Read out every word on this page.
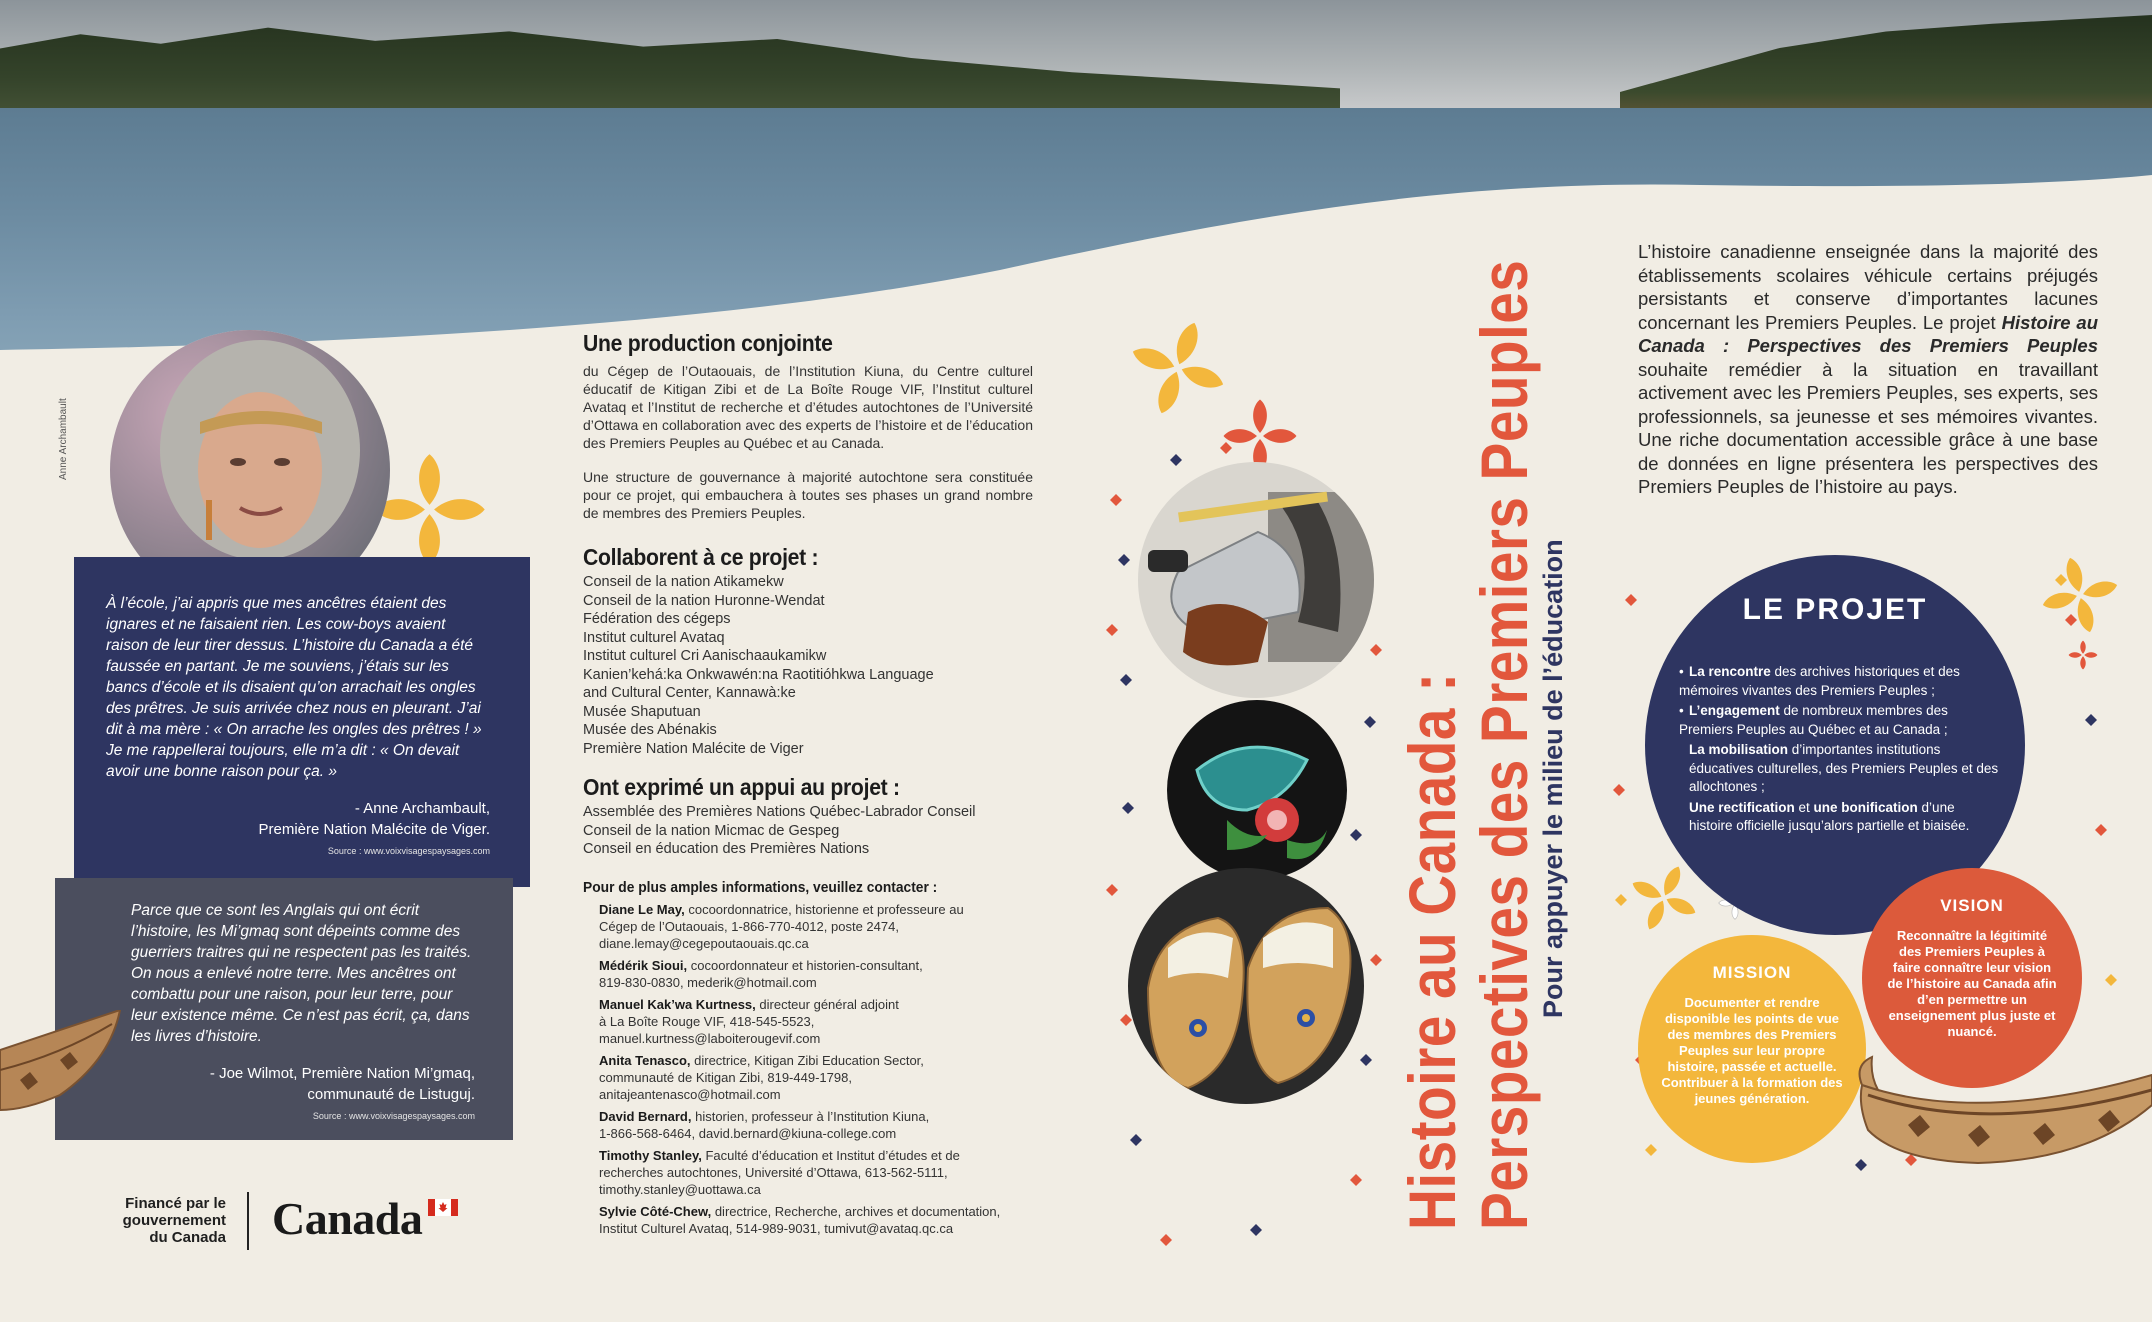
Anne Archambault

À l’école, j’ai appris que mes ancêtres étaient des ignares et ne faisaient rien. Les cow-boys avaient raison de leur tirer dessus. L’histoire du Canada a été faussée en partant. Je me souviens, j’étais sur les bancs d’école et ils disaient qu’on arrachait les ongles des prêtres. Je suis arrivée chez nous en pleurant. J’ai dit à ma mère : « On arrache les ongles des prêtres ! » Je me rappellerai toujours, elle m’a dit : « On devait avoir une bonne raison pour ça. »

- Anne Archambault,
Première Nation Malécite de Viger.

Source : www.voixvisagespaysages.com

Parce que ce sont les Anglais qui ont écrit l’histoire, les Mi’gmaq sont dépeints comme des guerriers traitres qui ne respectent pas les traités. On nous a enlevé notre terre. Mes ancêtres ont combattu pour une raison, pour leur terre, pour leur existence même. Ce n’est pas écrit, ça, dans les livres d’histoire.

- Joe Wilmot, Première Nation Mi’gmaq,
communauté de Listuguj.

Source : www.voixvisagespaysages.com

Financé par le
gouvernement
du Canada Canada
Une production conjointe

du Cégep de l’Outaouais, de l’Institution Kiuna, du Centre culturel éducatif de Kitigan Zibi et de La Boîte Rouge VIF, l’Institut culturel Avataq et l’Institut de recherche et d’études autochtones de l’Université d’Ottawa en collaboration avec des experts de l’histoire et de l’éducation des Premiers Peuples au Québec et au Canada.

Une structure de gouvernance à majorité autochtone sera constituée pour ce projet, qui embauchera à toutes ses phases un grand nombre de membres des Premiers Peuples.

Collaborent à ce projet :
Conseil de la nation Atikamekw
Conseil de la nation Huronne-Wendat
Fédération des cégeps
Institut culturel Avataq
Institut culturel Cri Aanischaaukamikw
Kanien’kehá:ka Onkwawén:na Raotitióhkwa Language
and Cultural Center, Kannawà:ke
Musée Shaputuan
Musée des Abénakis
Première Nation Malécite de Viger
Ont exprimé un appui au projet :
Assemblée des Premières Nations Québec-Labrador Conseil
Conseil de la nation Micmac de Gespeg
Conseil en éducation des Premières Nations
Pour de plus amples informations, veuillez contacter :
Diane Le May, cocoordonnatrice, historienne et professeure au
Cégep de l’Outaouais, 1-866-770-4012, poste 2474,
diane.lemay@cegepoutaouais.qc.ca
Médérik Sioui, cocoordonnateur et historien-consultant,
819-830-0830, mederik@hotmail.com
Manuel Kak’wa Kurtness, directeur général adjoint
à La Boîte Rouge VIF, 418-545-5523,
manuel.kurtness@laboiterougevif.com
Anita Tenasco, directrice, Kitigan Zibi Education Sector,
communauté de Kitigan Zibi, 819-449-1798,
anitajeantenasco@hotmail.com
David Bernard, historien, professeur à l’Institution Kiuna,
1-866-568-6464, david.bernard@kiuna-college.com
Timothy Stanley, Faculté d’éducation et Institut d’études et de
recherches autochtones, Université d’Ottawa, 613-562-5111,
timothy.stanley@uottawa.ca
Sylvie Côté-Chew, directrice, Recherche, archives et documentation,
Institut Culturel Avataq, 514-989-9031, tumivut@avataq.qc.ca	Histoire au Canada :
Perspectives des Premiers Peuples
Pour appuyer le milieu de l’éducation

L’histoire canadienne enseignée dans la majorité des établissements scolaires véhicule certains préjugés persistants et conserve d’importantes lacunes concernant les Premiers Peuples. Le projet Histoire au Canada : Perspectives des Premiers Peuples souhaite remédier à la situation en travaillant activement avec les Premiers Peuples, ses experts, ses professionnels, sa jeunesse et ses mémoires vivantes. Une riche documentation accessible grâce à une base de données en ligne présentera les perspectives des Premiers Peuples de l’histoire au pays.

LE PROJET
• La rencontre des archives historiques et des mémoires vivantes des Premiers Peuples ;
• L’engagement de nombreux membres des Premiers Peuples au Québec et au Canada ;
La mobilisation d’importantes institutions éducatives culturelles, des Premiers Peuples et des allochtones ;
Une rectification et une bonification d’une histoire officielle jusqu’alors partielle et biaisée.
VISION
Reconnaître la légitimité des Premiers Peuples à faire connaître leur vision de l’histoire au Canada afin d’en permettre un enseignement plus juste et nuancé.
MISSION
Documenter et rendre disponible les points de vue des membres des Premiers Peuples sur leur propre histoire, passée et actuelle. Contribuer à la formation des jeunes génération.
